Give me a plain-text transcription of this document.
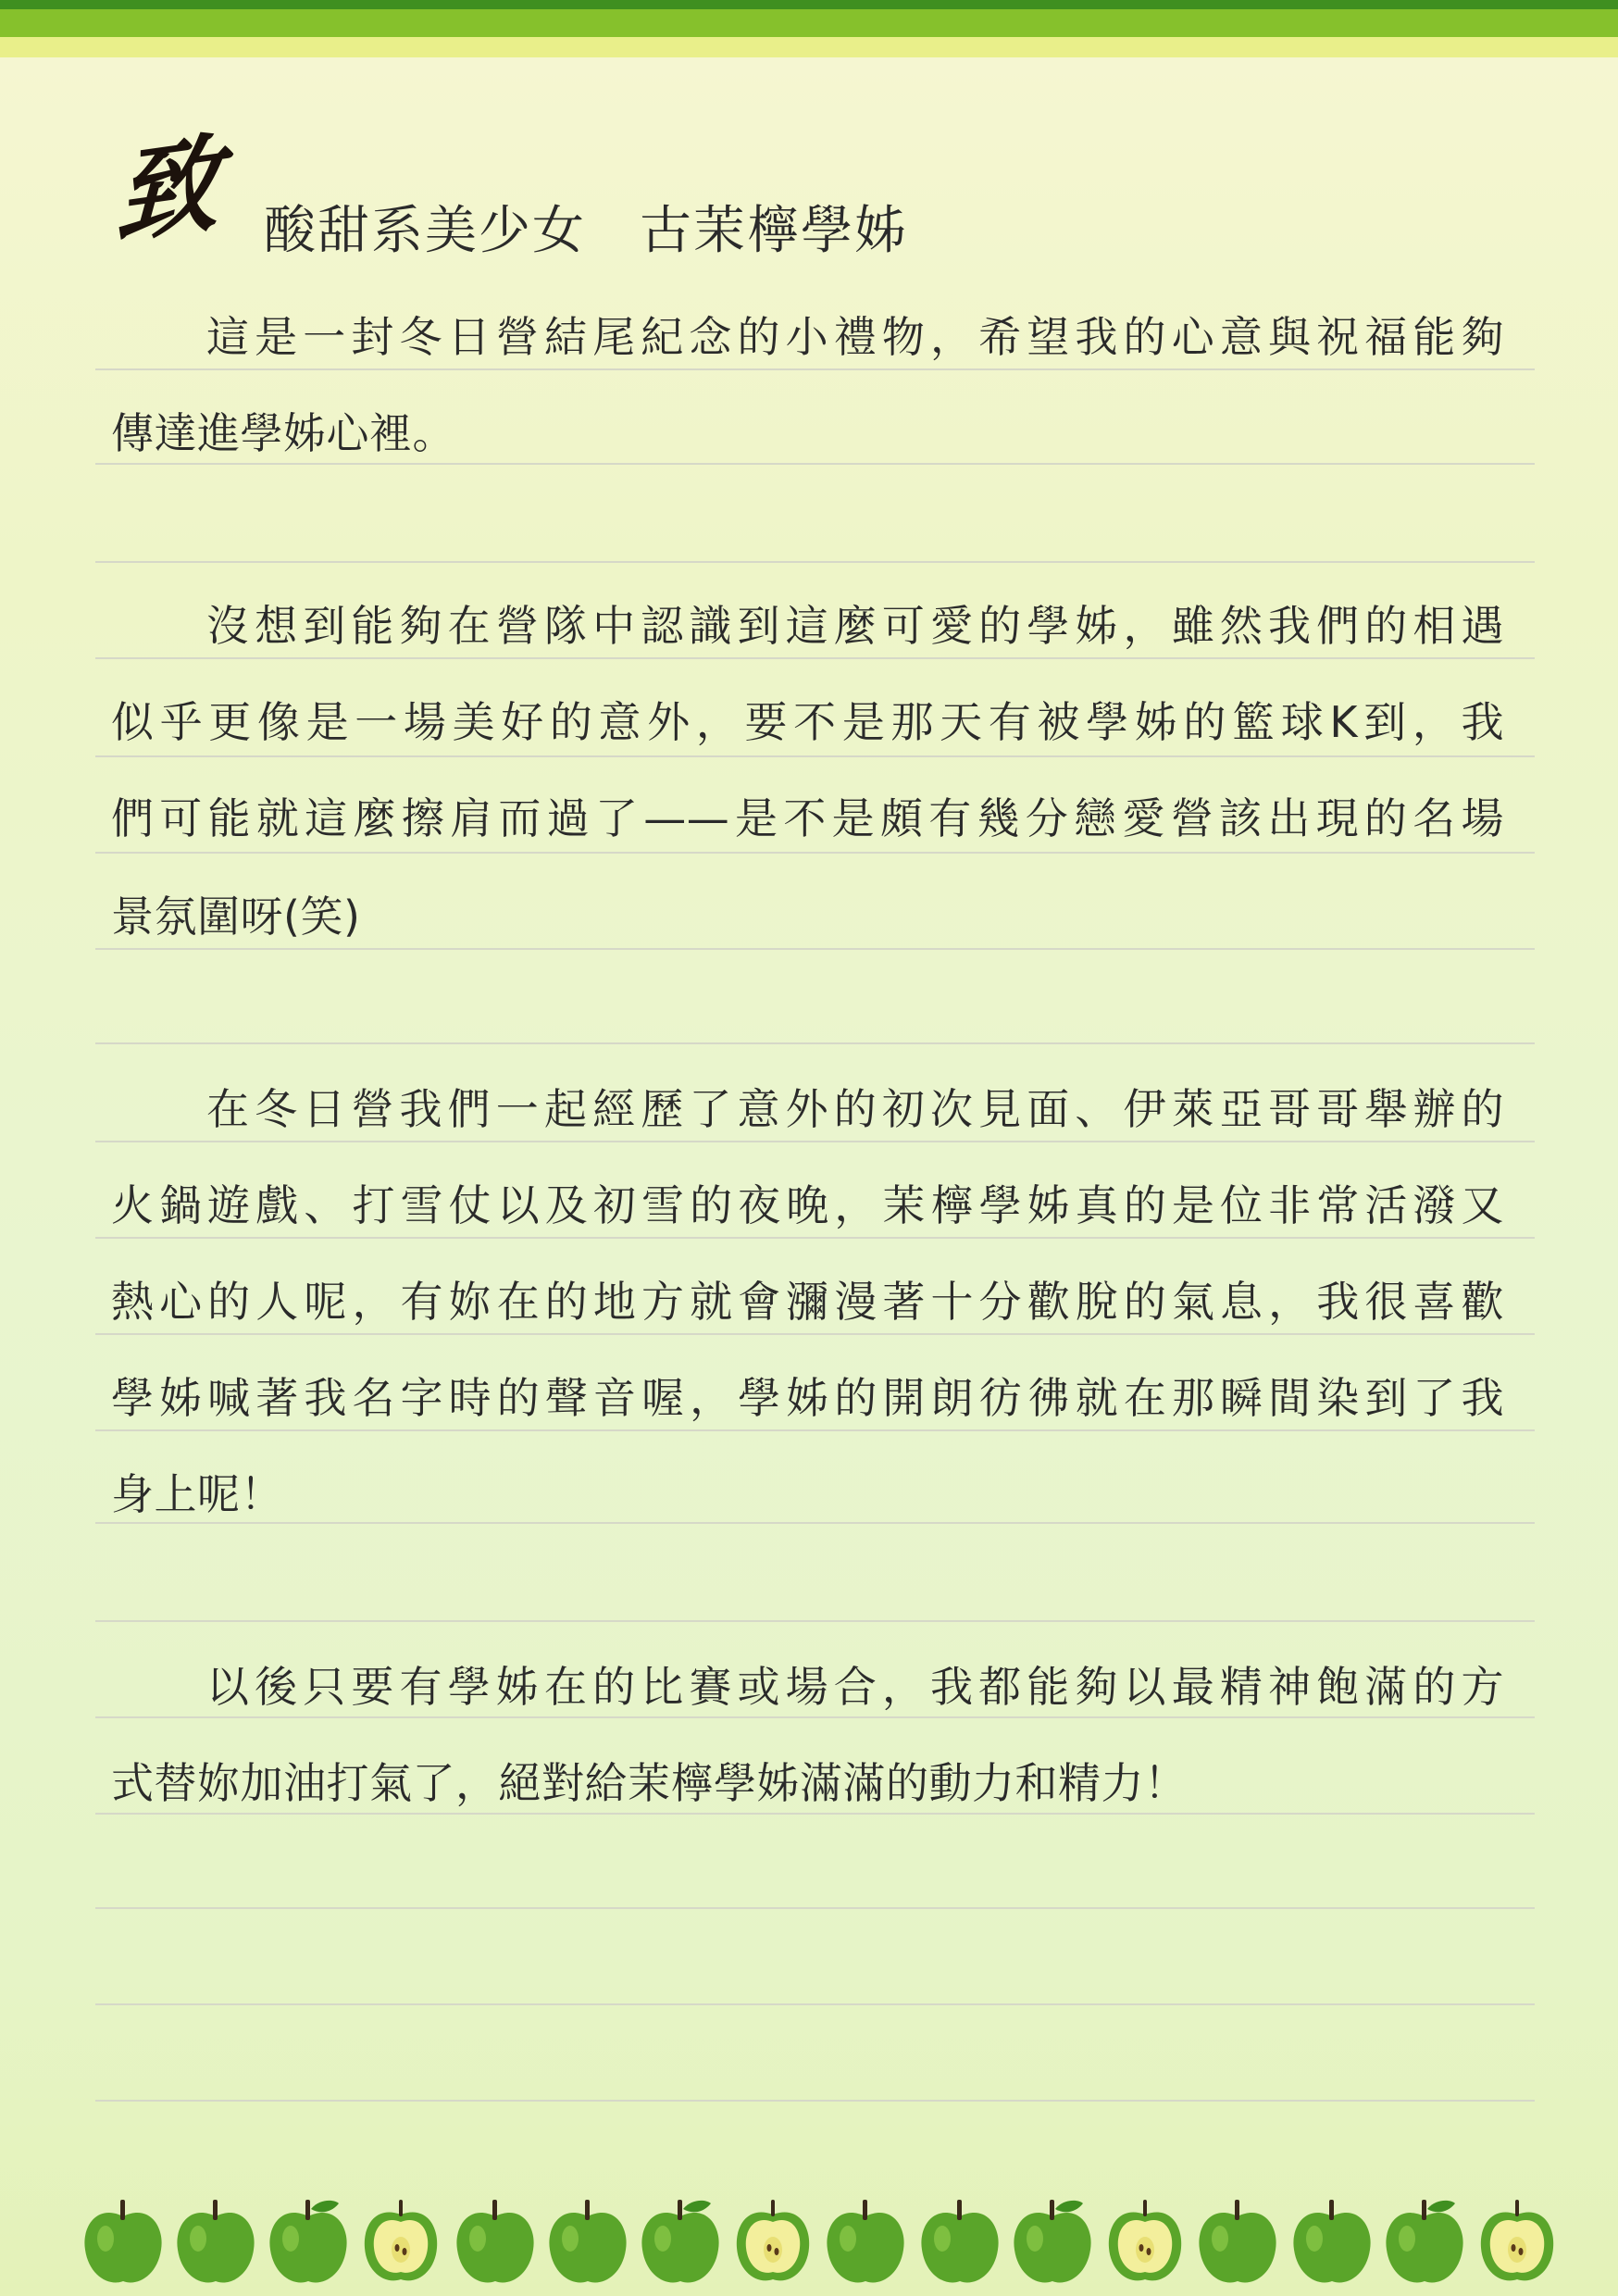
致 酸甜系美少女　古茉檸學姊
這是一封冬日營結尾紀念的小禮物，希望我的心意與祝福能夠
傳達進學姊心裡。
沒想到能夠在營隊中認識到這麼可愛的學姊，雖然我們的相遇
似乎更像是一場美好的意外，要不是那天有被學姊的籃球K到，我
們可能就這麼擦肩而過了——是不是頗有幾分戀愛營該出現的名場
景氛圍呀(笑)
在冬日營我們一起經歷了意外的初次見面、伊萊亞哥哥舉辦的
火鍋遊戲、打雪仗以及初雪的夜晚，茉檸學姊真的是位非常活潑又
熱心的人呢，有妳在的地方就會瀰漫著十分歡脫的氣息，我很喜歡
學姊喊著我名字時的聲音喔，學姊的開朗彷彿就在那瞬間染到了我
身上呢！
以後只要有學姊在的比賽或場合，我都能夠以最精神飽滿的方
式替妳加油打氣了，絕對給茉檸學姊滿滿的動力和精力！
